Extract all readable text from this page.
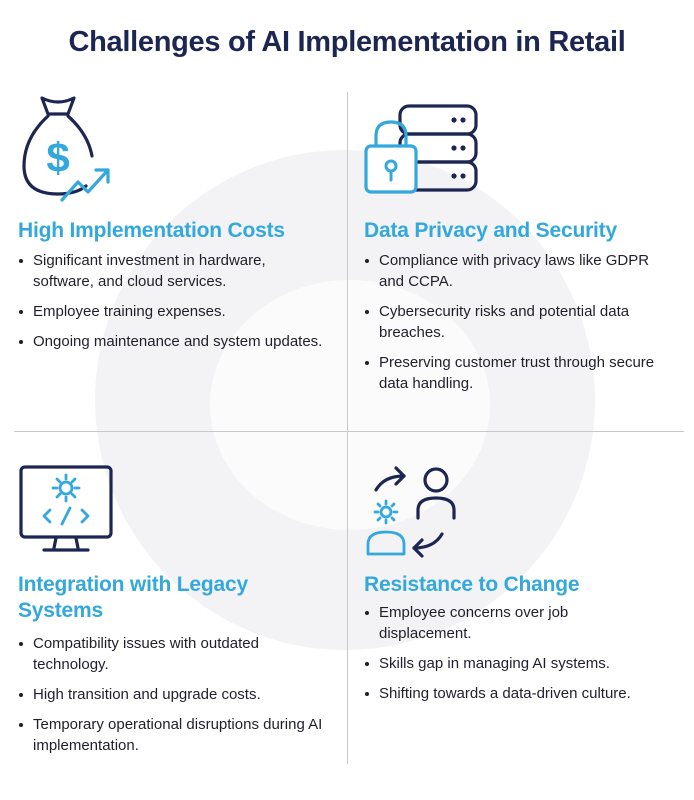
Challenges of AI Implementation in Retail
$
High Implementation Costs
Significant investment in hardware, software, and cloud services.
Employee training expenses.
Ongoing maintenance and system updates.
Data Privacy and Security
Compliance with privacy laws like GDPR and CCPA.
Cybersecurity risks and potential data breaches.
Preserving customer trust through secure data handling.
Integration with Legacy Systems
Compatibility issues with outdated technology.
High transition and upgrade costs.
Temporary operational disruptions during AI implementation.
Resistance to Change
Employee concerns over job displacement.
Skills gap in managing AI systems.
Shifting towards a data-driven culture.
